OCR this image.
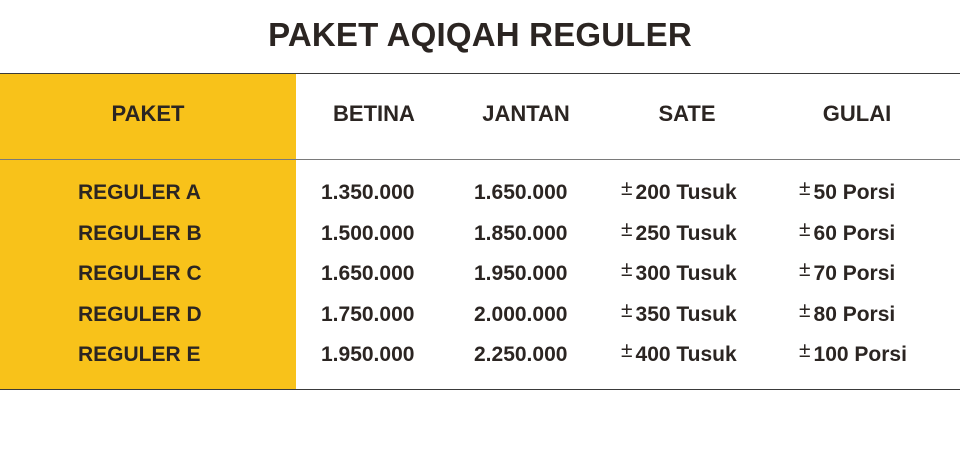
PAKET AQIQAH REGULER
PAKET	BETINA	JANTAN	SATE	GULAI
REGULER A	1.350.000	1.650.000	± 200 Tusuk	± 50 Porsi
REGULER B	1.500.000	1.850.000	± 250 Tusuk	± 60 Porsi
REGULER C	1.650.000	1.950.000	± 300 Tusuk	± 70 Porsi
REGULER D	1.750.000	2.000.000	± 350 Tusuk	± 80 Porsi
REGULER E	1.950.000	2.250.000	± 400 Tusuk	± 100 Porsi
